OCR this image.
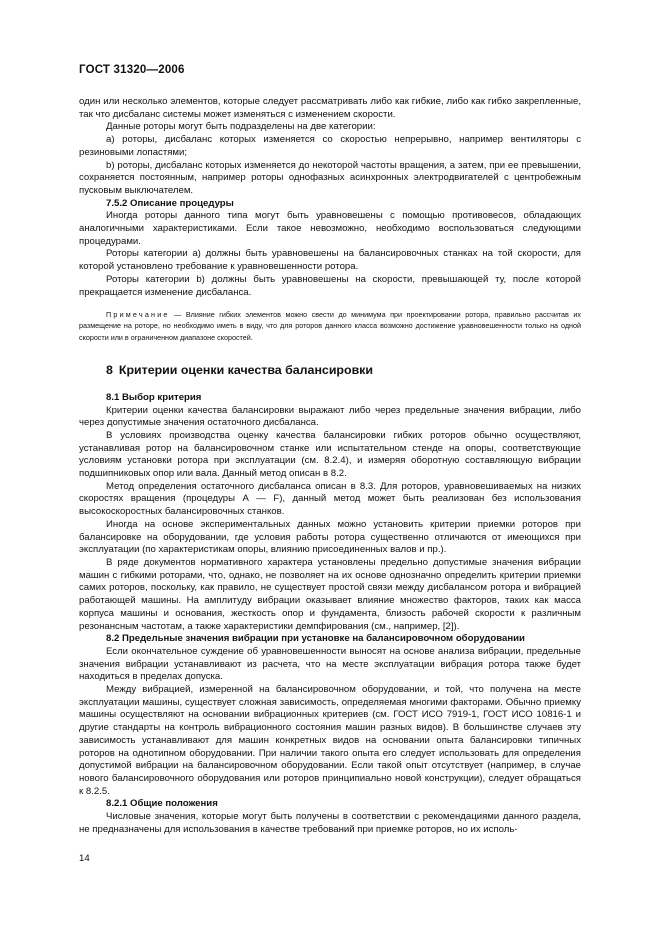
ГОСТ 31320—2006

один или несколько элементов, которые следует рассматривать либо как гибкие, либо как гибко закрепленные, так что дисбаланс системы может изменяться с изменением скорости.

Данные роторы могут быть подразделены на две категории:

a) роторы, дисбаланс которых изменяется со скоростью непрерывно, например вентиляторы с резиновыми лопастями;

b) роторы, дисбаланс которых изменяется до некоторой частоты вращения, а затем, при ее превышении, сохраняется постоянным, например роторы однофазных асинхронных электродвигателей с центробежным пусковым выключателем.

7.5.2 Описание процедуры

Иногда роторы данного типа могут быть уравновешены с помощью противовесов, обладающих аналогичными характеристиками. Если такое невозможно, необходимо воспользоваться следующими процедурами.

Роторы категории а) должны быть уравновешены на балансировочных станках на той скорости, для которой установлено требование к уравновешенности ротора.

Роторы категории b) должны быть уравновешены на скорости, превышающей ту, после которой прекращается изменение дисбаланса.

Примечание — Влияние гибких элементов можно свести до минимума при проектировании ротора, правильно рассчитав их размещение на роторе, но необходимо иметь в виду, что для роторов данного класса возможно достижение уравновешенности только на одной скорости или в ограниченном диапазоне скоростей.

8 Критерии оценки качества балансировки

8.1 Выбор критерия

Критерии оценки качества балансировки выражают либо через предельные значения вибрации, либо через допустимые значения остаточного дисбаланса.

В условиях производства оценку качества балансировки гибких роторов обычно осуществляют, устанавливая ротор на балансировочном станке или испытательном стенде на опоры, соответствующие условиям установки ротора при эксплуатации (см. 8.2.4), и измеряя оборотную составляющую вибрации подшипниковых опор или вала. Данный метод описан в 8.2.

Метод определения остаточного дисбаланса описан в 8.3. Для роторов, уравновешиваемых на низких скоростях вращения (процедуры А — F), данный метод может быть реализован без использования высокоскоростных балансировочных станков.

Иногда на основе экспериментальных данных можно установить критерии приемки роторов при балансировке на оборудовании, где условия работы ротора существенно отличаются от имеющихся при эксплуатации (по характеристикам опоры, влиянию присоединенных валов и пр.).

В ряде документов нормативного характера установлены предельно допустимые значения вибрации машин с гибкими роторами, что, однако, не позволяет на их основе однозначно определить критерии приемки самих роторов, поскольку, как правило, не существует простой связи между дисбалансом ротора и вибрацией работающей машины. На амплитуду вибрации оказывает влияние множество факторов, таких как масса корпуса машины и основания, жесткость опор и фундамента, близость рабочей скорости к различным резонансным частотам, а также характеристики демпфирования (см., например, [2]).

8.2 Предельные значения вибрации при установке на балансировочном оборудовании

Если окончательное суждение об уравновешенности выносят на основе анализа вибрации, предельные значения вибрации устанавливают из расчета, что на месте эксплуатации вибрация ротора также будет находиться в пределах допуска.

Между вибрацией, измеренной на балансировочном оборудовании, и той, что получена на месте эксплуатации машины, существует сложная зависимость, определяемая многими факторами. Обычно приемку машины осуществляют на основании вибрационных критериев (см. ГОСТ ИСО 7919-1, ГОСТ ИСО 10816-1 и другие стандарты на контроль вибрационного состояния машин разных видов). В большинстве случаев эту зависимость устанавливают для машин конкретных видов на основании опыта балансировки типичных роторов на однотипном оборудовании. При наличии такого опыта его следует использовать для определения допустимой вибрации на балансировочном оборудовании. Если такой опыт отсутствует (например, в случае нового балансировочного оборудования или роторов принципиально новой конструкции), следует обращаться к 8.2.5.

8.2.1 Общие положения

Числовые значения, которые могут быть получены в соответствии с рекомендациями данного раздела, не предназначены для использования в качестве требований при приемке роторов, но их исполь-

14
